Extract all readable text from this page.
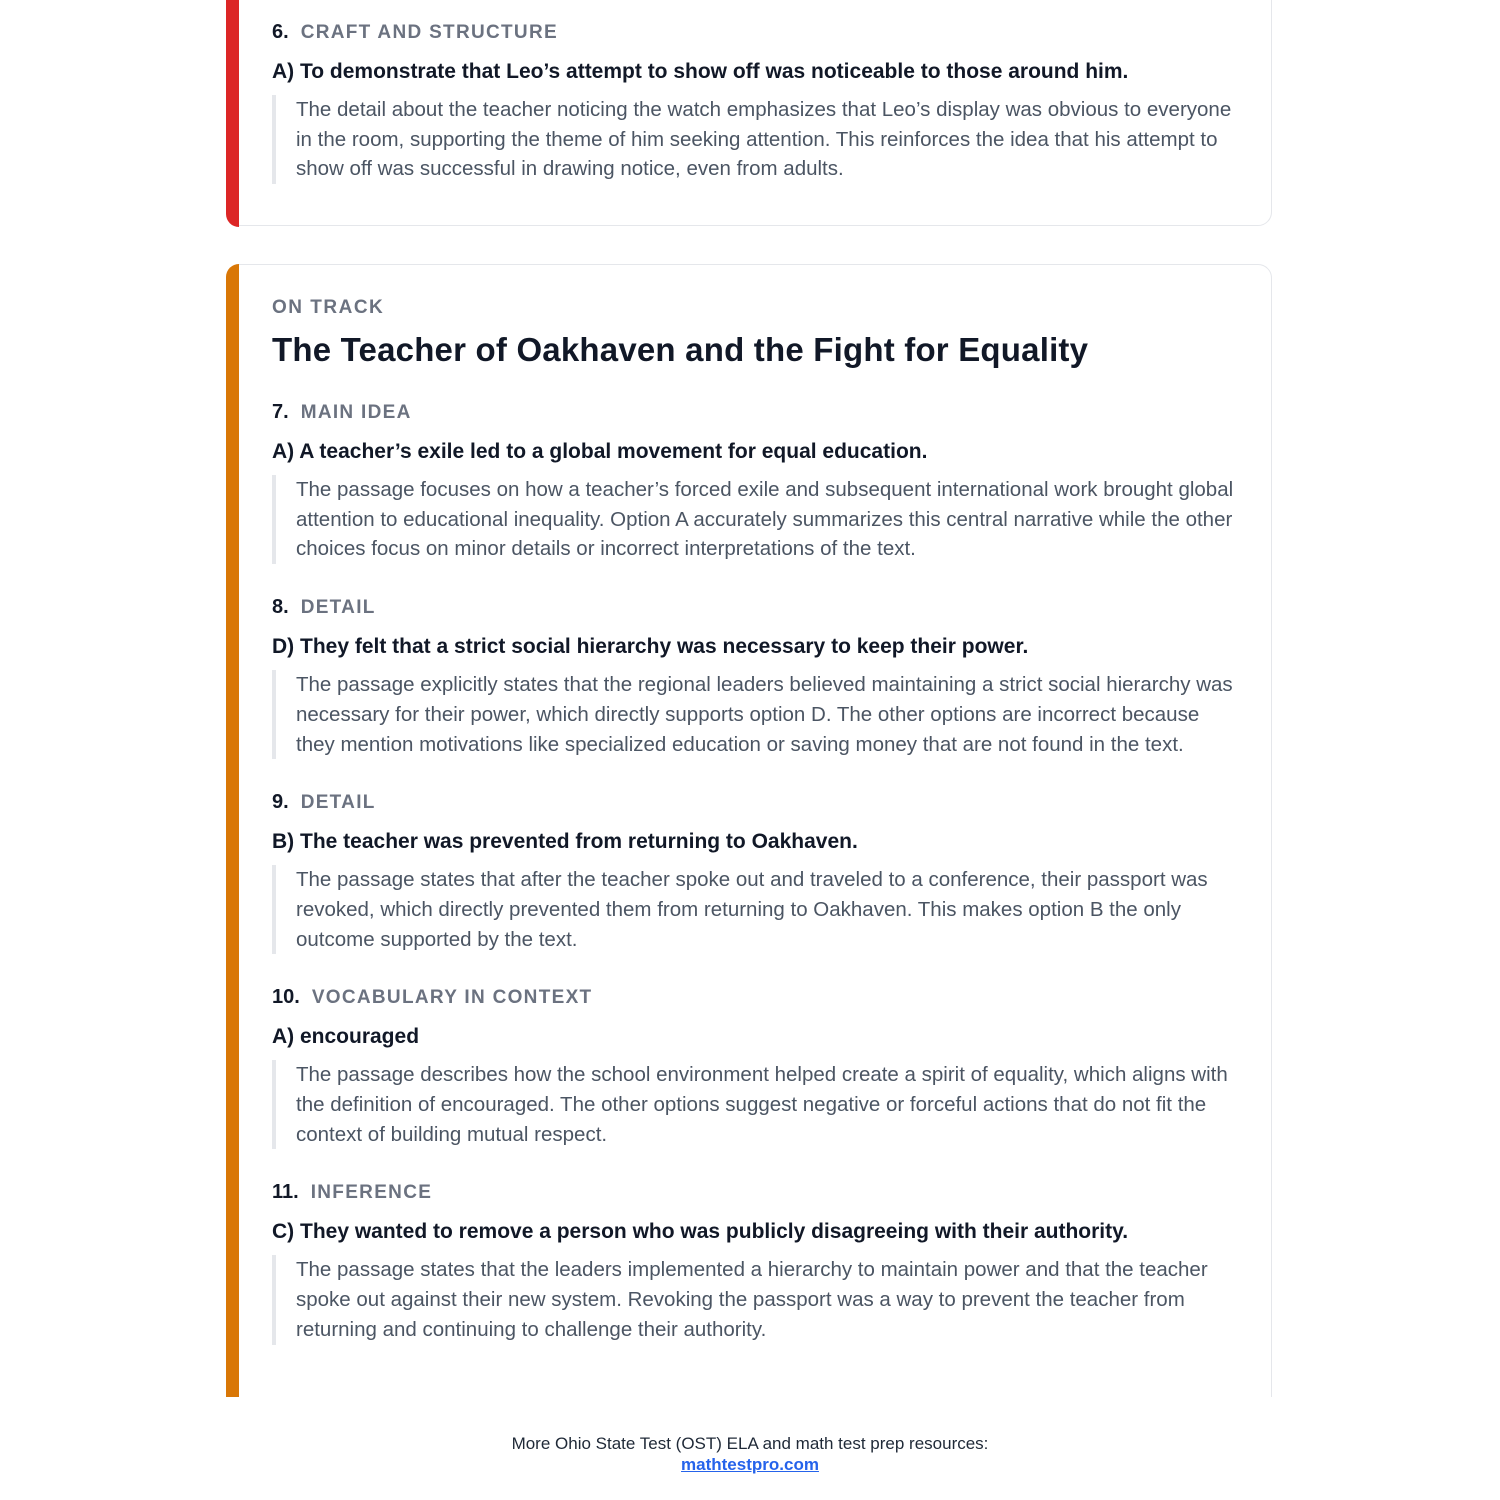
6. CRAFT AND STRUCTURE
A) To demonstrate that Leo’s attempt to show off was noticeable to those around him.
The detail about the teacher noticing the watch emphasizes that Leo’s display was obvious to everyone in the room, supporting the theme of him seeking attention. This reinforces the idea that his attempt to show off was successful in drawing notice, even from adults.
ON TRACK
The Teacher of Oakhaven and the Fight for Equality
7. MAIN IDEA
A) A teacher’s exile led to a global movement for equal education.
The passage focuses on how a teacher’s forced exile and subsequent international work brought global attention to educational inequality. Option A accurately summarizes this central narrative while the other choices focus on minor details or incorrect interpretations of the text.
8. DETAIL
D) They felt that a strict social hierarchy was necessary to keep their power.
The passage explicitly states that the regional leaders believed maintaining a strict social hierarchy was necessary for their power, which directly supports option D. The other options are incorrect because they mention motivations like specialized education or saving money that are not found in the text.
9. DETAIL
B) The teacher was prevented from returning to Oakhaven.
The passage states that after the teacher spoke out and traveled to a conference, their passport was revoked, which directly prevented them from returning to Oakhaven. This makes option B the only outcome supported by the text.
10. VOCABULARY IN CONTEXT
A) encouraged
The passage describes how the school environment helped create a spirit of equality, which aligns with the definition of encouraged. The other options suggest negative or forceful actions that do not fit the context of building mutual respect.
11. INFERENCE
C) They wanted to remove a person who was publicly disagreeing with their authority.
The passage states that the leaders implemented a hierarchy to maintain power and that the teacher spoke out against their new system. Revoking the passport was a way to prevent the teacher from returning and continuing to challenge their authority.
More Ohio State Test (OST) ELA and math test prep resources:
mathtestpro.com
